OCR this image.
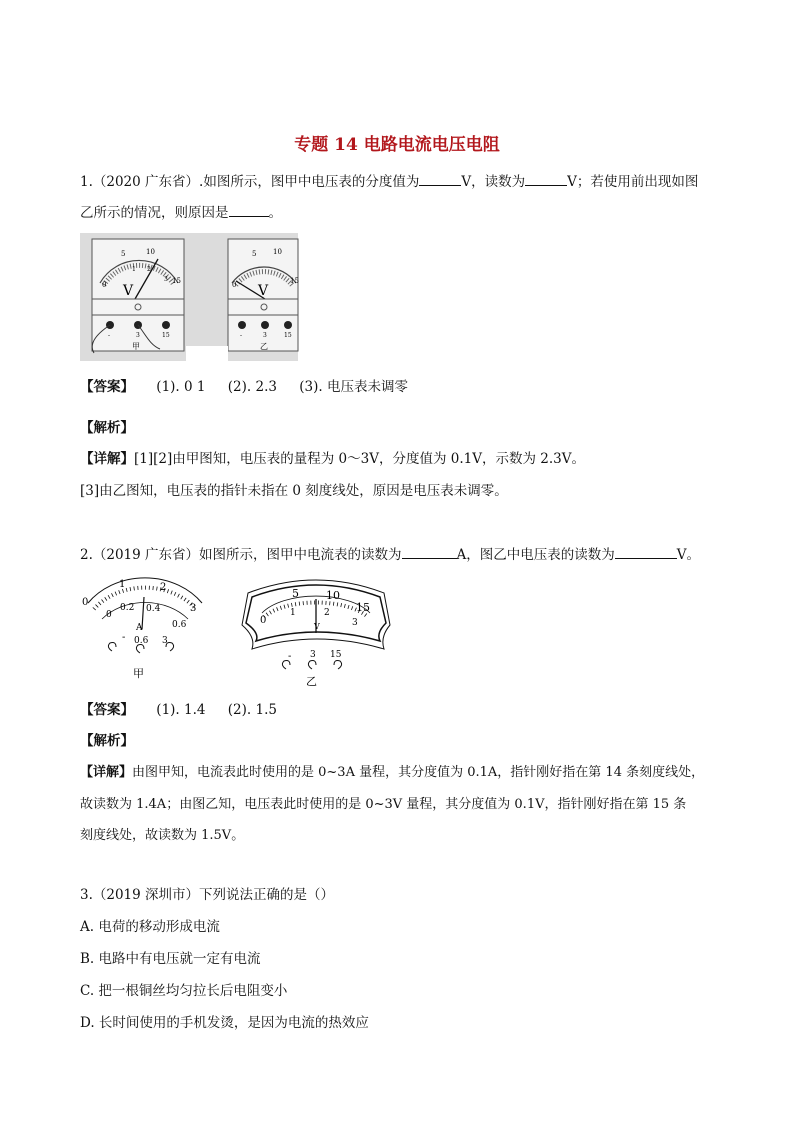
专题 14 电路电流电压电阻
1.（2020 广东省）.如图所示，图甲中电压表的分度值为	V，读数为	V；若使用前出现如图
乙所示的情况，则原因是	。
0
5	10
15
1 2
3
V
-	3	15
甲
0
5 10
15
V
-	3	15
乙
【答案】 (1). 0 1 (2). 2.3 (3). 电压表未调零
【解析】
【详解】[1][2]由甲图知，电压表的量程为 0～3V，分度值为 0.1V，示数为 2.3V。
[3]由乙图知，电压表的指针未指在 0 刻度线处，原因是电压表未调零。
2.（2019 广东省）如图所示，图甲中电流表的读数为	A，图乙中电压表的读数为	V。
0
1	2
3
0
0.2 0.4
0.6
A
- 0.6 3
甲
5 10
15
0
1	2
3
V
- 3 15
乙
【答案】 (1). 1.4 (2). 1.5
【解析】
【详解】由图甲知，电流表此时使用的是 0~3A 量程，其分度值为 0.1A，指针刚好指在第 14 条刻度线处，
故读数为 1.4A；由图乙知，电压表此时使用的是 0~3V 量程，其分度值为 0.1V，指针刚好指在第 15 条
刻度线处，故读数为 1.5V。
3.（2019 深圳市）下列说法正确的是（）
A. 电荷的移动形成电流
B. 电路中有电压就一定有电流
C. 把一根铜丝均匀拉长后电阻变小
D. 长时间使用的手机发烫，是因为电流的热效应
